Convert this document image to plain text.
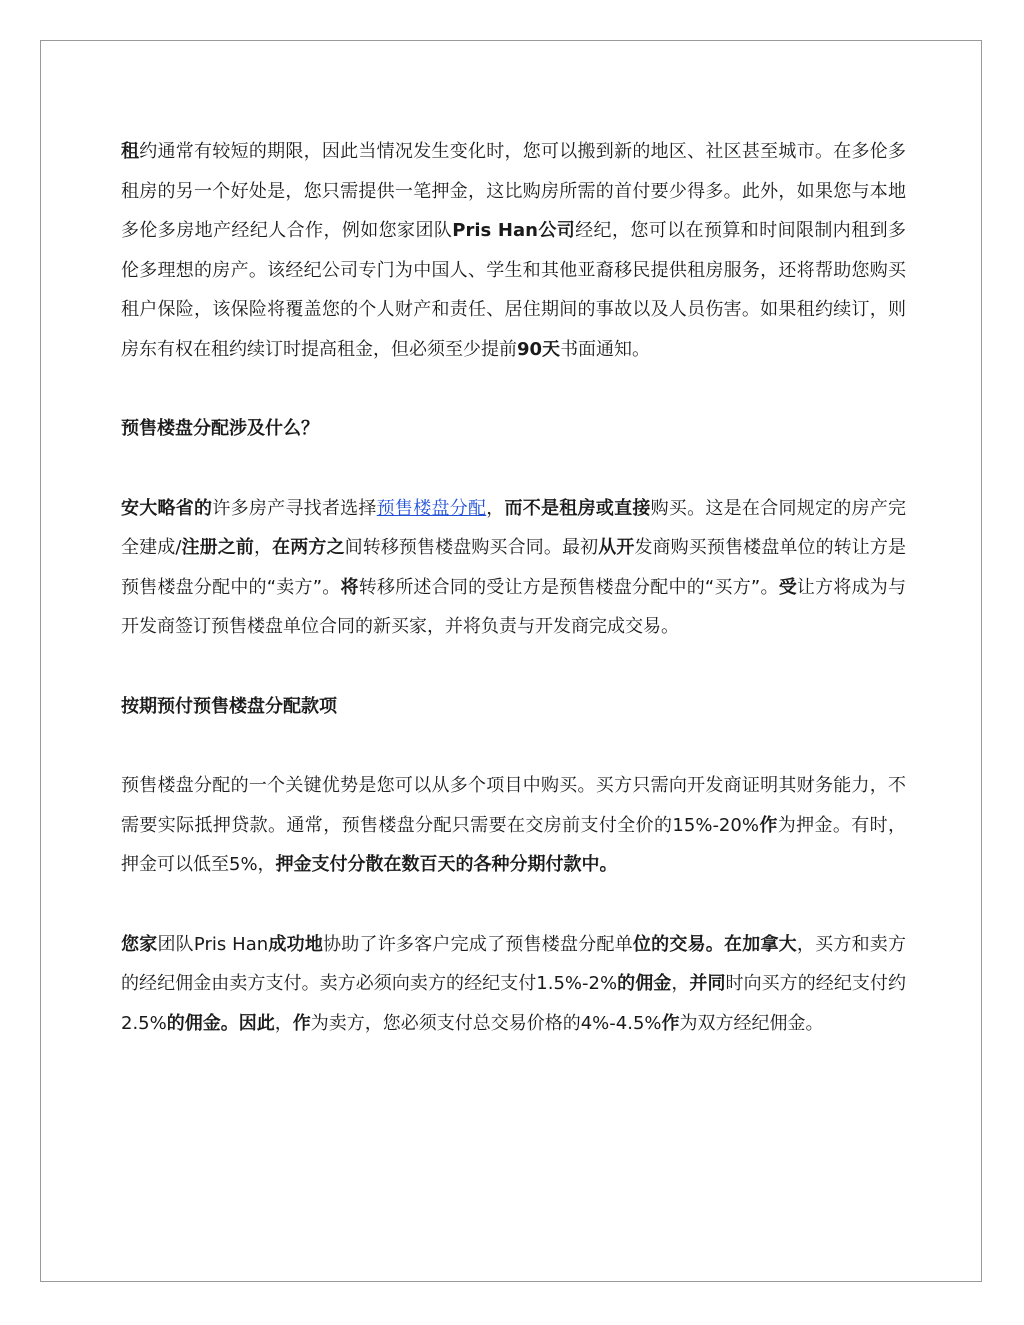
租约通常有较短的期限，因此当情况发生变化时，您可以搬到新的地区、社区甚至城市。在多伦多租房的另一个好处是，您只需提供一笔押金，这比购房所需的首付要少得多。此外，如果您与本地多伦多房地产经纪人合作，例如您家团队Pris Han公司经纪，您可以在预算和时间限制内租到多伦多理想的房产。该经纪公司专门为中国人、学生和其他亚裔移民提供租房服务，还将帮助您购买租户保险，该保险将覆盖您的个人财产和责任、居住期间的事故以及人员伤害。如果租约续订，则房东有权在租约续订时提高租金，但必须至少提前90天书面通知。

预售楼盘分配涉及什么？

安大略省的许多房产寻找者选择预售楼盘分配，而不是租房或直接购买。这是在合同规定的房产完全建成/注册之前，在两方之间转移预售楼盘购买合同。最初从开发商购买预售楼盘单位的转让方是预售楼盘分配中的“卖方”。将转移所述合同的受让方是预售楼盘分配中的“买方”。受让方将成为与开发商签订预售楼盘单位合同的新买家，并将负责与开发商完成交易。

按期预付预售楼盘分配款项

预售楼盘分配的一个关键优势是您可以从多个项目中购买。买方只需向开发商证明其财务能力，不需要实际抵押贷款。通常，预售楼盘分配只需要在交房前支付全价的15%-20%作为押金。有时，押金可以低至5%，押金支付分散在数百天的各种分期付款中。

您家团队Pris Han成功地协助了许多客户完成了预售楼盘分配单位的交易。在加拿大，买方和卖方的经纪佣金由卖方支付。卖方必须向卖方的经纪支付1.5%-2%的佣金，并同时向买方的经纪支付约2.5%的佣金。因此，作为卖方，您必须支付总交易价格的4%-4.5%作为双方经纪佣金。
